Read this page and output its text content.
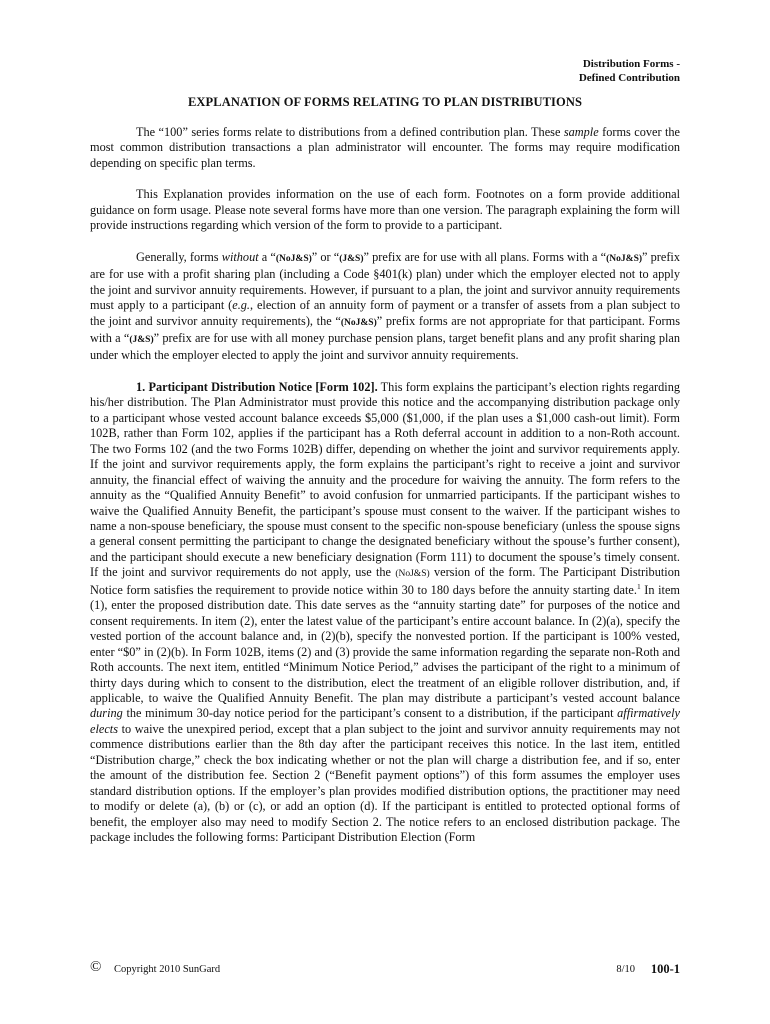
Distribution Forms -
Defined Contribution
EXPLANATION OF FORMS RELATING TO PLAN DISTRIBUTIONS

The “100” series forms relate to distributions from a defined contribution plan. These sample forms cover the most common distribution transactions a plan administrator will encounter. The forms may require modification depending on specific plan terms.

This Explanation provides information on the use of each form. Footnotes on a form provide additional guidance on form usage. Please note several forms have more than one version. The paragraph explaining the form will provide instructions regarding which version of the form to provide to a participant.

Generally, forms without a “(NoJ&S)” or “(J&S)” prefix are for use with all plans. Forms with a “(NoJ&S)” prefix are for use with a profit sharing plan (including a Code §401(k) plan) under which the employer elected not to apply the joint and survivor annuity requirements. However, if pursuant to a plan, the joint and survivor annuity requirements must apply to a participant (e.g., election of an annuity form of payment or a transfer of assets from a plan subject to the joint and survivor annuity requirements), the “(NoJ&S)” prefix forms are not appropriate for that participant. Forms with a “(J&S)” prefix are for use with all money purchase pension plans, target benefit plans and any profit sharing plan under which the employer elected to apply the joint and survivor annuity requirements.

1. Participant Distribution Notice [Form 102]. This form explains the participant’s election rights regarding his/her distribution. The Plan Administrator must provide this notice and the accompanying distribution package only to a participant whose vested account balance exceeds $5,000 ($1,000, if the plan uses a $1,000 cash-out limit). Form 102B, rather than Form 102, applies if the participant has a Roth deferral account in addition to a non-Roth account. The two Forms 102 (and the two Forms 102B) differ, depending on whether the joint and survivor requirements apply. If the joint and survivor requirements apply, the form explains the participant’s right to receive a joint and survivor annuity, the financial effect of waiving the annuity and the procedure for waiving the annuity. The form refers to the annuity as the “Qualified Annuity Benefit” to avoid confusion for unmarried participants. If the participant wishes to waive the Qualified Annuity Benefit, the participant’s spouse must consent to the waiver. If the participant wishes to name a non-spouse beneficiary, the spouse must consent to the specific non-spouse beneficiary (unless the spouse signs a general consent permitting the participant to change the designated beneficiary without the spouse’s further consent), and the participant should execute a new beneficiary designation (Form 111) to document the spouse’s timely consent. If the joint and survivor requirements do not apply, use the (NoJ&S) version of the form. The Participant Distribution Notice form satisfies the requirement to provide notice within 30 to 180 days before the annuity starting date.$^1$ In item (1), enter the proposed distribution date. This date serves as the “annuity starting date” for purposes of the notice and consent requirements. In item (2), enter the latest value of the participant’s entire account balance. In (2)(a), specify the vested portion of the account balance and, in (2)(b), specify the nonvested portion. If the participant is 100% vested, enter “$0” in (2)(b). In Form 102B, items (2) and (3) provide the same information regarding the separate non-Roth and Roth accounts. The next item, entitled “Minimum Notice Period,” advises the participant of the right to a minimum of thirty days during which to consent to the distribution, elect the treatment of an eligible rollover distribution, and, if applicable, to waive the Qualified Annuity Benefit. The plan may distribute a participant’s vested account balance during the minimum 30-day notice period for the participant’s consent to a distribution, if the participant affirmatively elects to waive the unexpired period, except that a plan subject to the joint and survivor annuity requirements may not commence distributions earlier than the 8th day after the participant receives this notice. In the last item, entitled “Distribution charge,” check the box indicating whether or not the plan will charge a distribution fee, and if so, enter the amount of the distribution fee. Section 2 (“Benefit payment options”) of this form assumes the employer uses standard distribution options. If the employer’s plan provides modified distribution options, the practitioner may need to modify or delete (a), (b) or (c), or add an option (d). If the participant is entitled to protected optional forms of benefit, the employer also may need to modify Section 2. The notice refers to an enclosed distribution package. The package includes the following forms: Participant Distribution Election (Form

© Copyright 2010 SunGard	8/10 100-1
